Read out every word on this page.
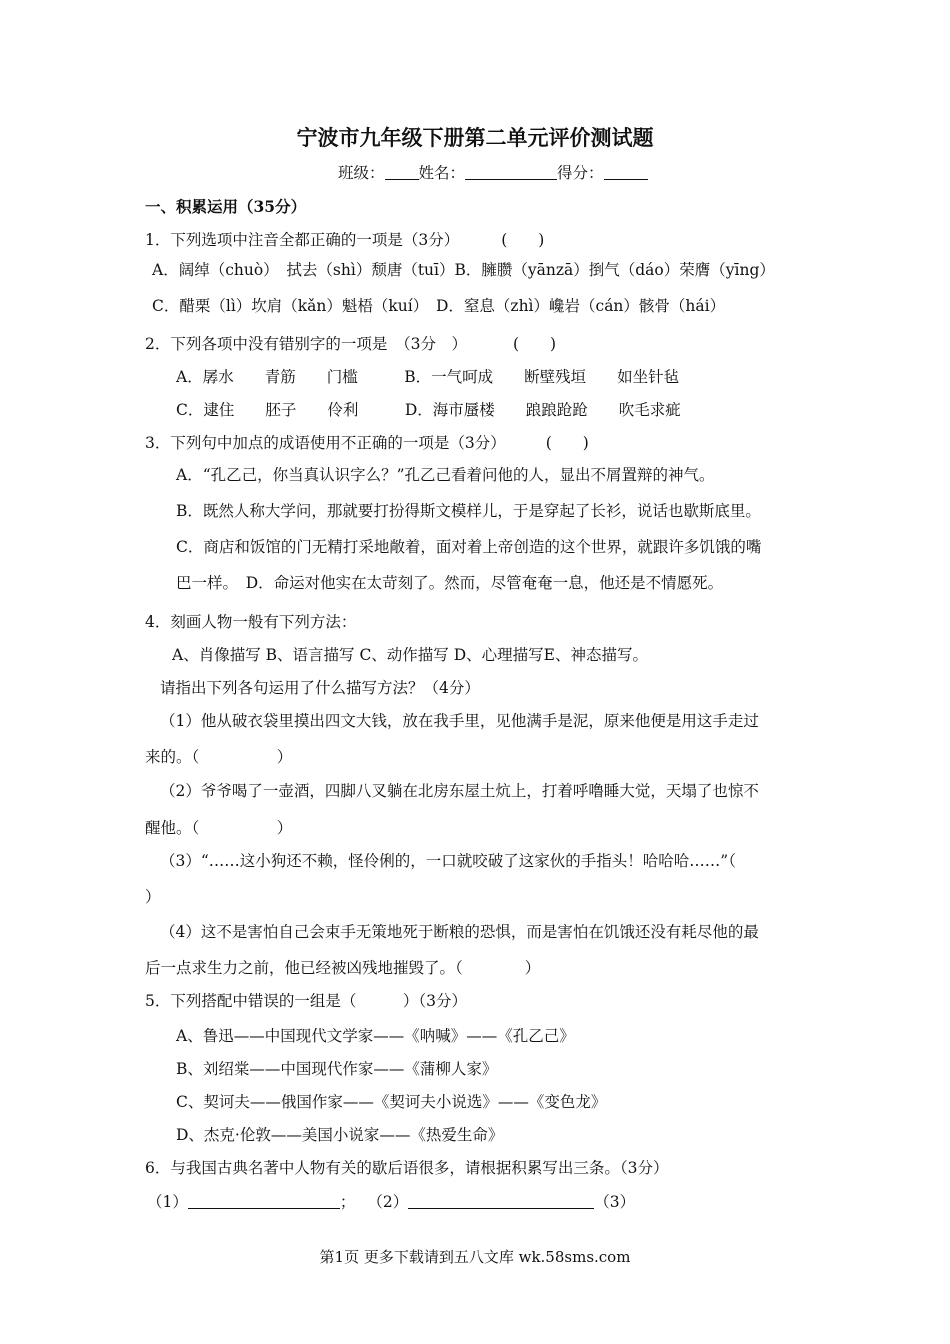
宁波市九年级下册第二单元评价测试题
班级： 姓名：	得分：
一、积累运用（35分）
1．下列选项中注音全都正确的一项是（3分）	(　　)
A．阔绰（chuò）　拭去（shì）颓唐（tuī）B．臃臜（yānzā）捯气（dáo）荣膺（yīng）
C．醋栗（lì）坎肩（kǎn）魁梧（kuí）　D．窒息（zhì）巉岩（cán）骸骨（hái）
2．下列各项中没有错别字的一项是　（3分　）	(　　)
A．孱水　　青筋　　门槛　　　B．一气呵成　　断壁残垣　　如坐针毡
C．逮住　　胚子　　伶利　　　D．海市蜃楼　　踉踉跄跄　　吹毛求疵
3．下列句中加点的成语使用不正确的一项是（3分）	(　　)
A．“孔乙己，你当真认识字么？”孔乙己看着问他的人，显出不屑置辩的神气。
B．既然人称大学问，那就要打扮得斯文模样儿，于是穿起了长衫，说话也歇斯底里。
C．商店和饭馆的门无精打采地敞着，面对着上帝创造的这个世界，就跟许多饥饿的嘴
巴一样。　D．命运对他实在太苛刻了。然而，尽管奄奄一息，他还是不情愿死。
4．刻画人物一般有下列方法：
A、肖像描写 B、语言描写 C、动作描写 D、心理描写E、神态描写。
请指出下列各句运用了什么描写方法？（4分）
（1）他从破衣袋里摸出四文大钱，放在我手里，见他满手是泥，原来他便是用这手走过
来的。（　　　　　）
（2）爷爷喝了一壶酒，四脚八叉躺在北房东屋土炕上，打着呼噜睡大觉，天塌了也惊不
醒他。（　　　　　）
（3）“……这小狗还不赖，怪伶俐的，一口就咬破了这家伙的手指头！哈哈哈……”（
）
（4）这不是害怕自己会束手无策地死于断粮的恐惧，而是害怕在饥饿还没有耗尽他的最
后一点求生力之前，他已经被凶残地摧毁了。（　　　　）
5．下列搭配中错误的一组是（　　　）（3分）
A、鲁迅——中国现代文学家——《呐喊》——《孔乙己》
B、刘绍棠——中国现代作家——《蒲柳人家》
C、契诃夫——俄国作家——《契诃夫小说选》——《变色龙》
D、杰克·伦敦——美国小说家——《热爱生命》
6．与我国古典名著中人物有关的歇后语很多，请根据积累写出三条。（3分）
（1）	； （2）	（3）
第1页 更多下载请到五八文库 wk.58sms.com
